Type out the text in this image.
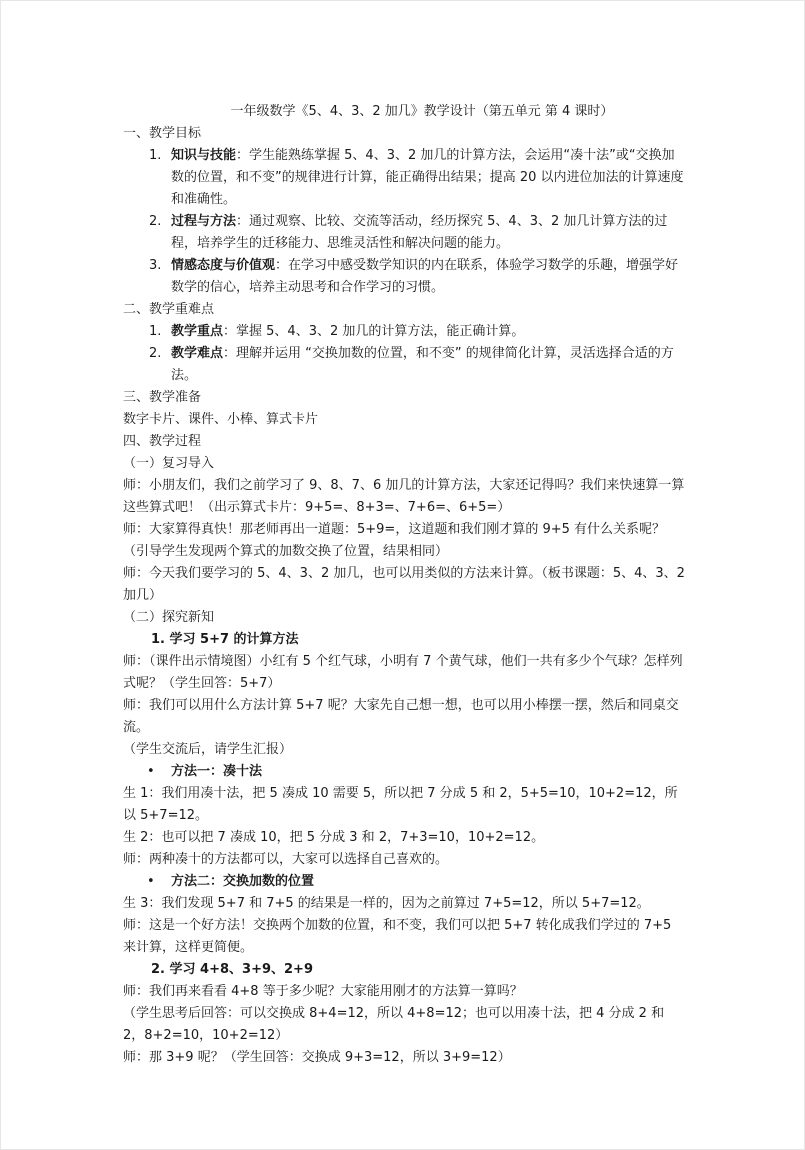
一年级数学《5、4、3、2 加几》教学设计（第五单元 第 4 课时）
一、教学目标
1. 知识与技能：学生能熟练掌握 5、4、3、2 加几的计算方法，会运用“凑十法”或“交换加数的位置，和不变”的规律进行计算，能正确得出结果；提高 20 以内进位加法的计算速度和准确性。
2. 过程与方法：通过观察、比较、交流等活动，经历探究 5、4、3、2 加几计算方法的过程，培养学生的迁移能力、思维灵活性和解决问题的能力。
3. 情感态度与价值观：在学习中感受数学知识的内在联系，体验学习数学的乐趣，增强学好数学的信心，培养主动思考和合作学习的习惯。
二、教学重难点
1. 教学重点：掌握 5、4、3、2 加几的计算方法，能正确计算。
2. 教学难点：理解并运用 “交换加数的位置，和不变” 的规律简化计算，灵活选择合适的方法。
三、教学准备
数字卡片、课件、小棒、算式卡片
四、教学过程
（一）复习导入
师：小朋友们，我们之前学习了 9、8、7、6 加几的计算方法，大家还记得吗？我们来快速算一算这些算式吧！（出示算式卡片：9+5=、8+3=、7+6=、6+5=）
师：大家算得真快！那老师再出一道题：5+9=，这道题和我们刚才算的 9+5 有什么关系呢？（引导学生发现两个算式的加数交换了位置，结果相同）
师：今天我们要学习的 5、4、3、2 加几，也可以用类似的方法来计算。（板书课题：5、4、3、2 加几）
（二）探究新知
1. 学习 5+7 的计算方法
师：（课件出示情境图）小红有 5 个红气球，小明有 7 个黄气球，他们一共有多少个气球？怎样列式呢？（学生回答：5+7）
师：我们可以用什么方法计算 5+7 呢？大家先自己想一想，也可以用小棒摆一摆，然后和同桌交流。
（学生交流后，请学生汇报）
• 方法一：凑十法
生 1：我们用凑十法，把 5 凑成 10 需要 5，所以把 7 分成 5 和 2，5+5=10，10+2=12，所以 5+7=12。
生 2：也可以把 7 凑成 10，把 5 分成 3 和 2，7+3=10，10+2=12。
师：两种凑十的方法都可以，大家可以选择自己喜欢的。
• 方法二：交换加数的位置
生 3：我们发现 5+7 和 7+5 的结果是一样的，因为之前算过 7+5=12，所以 5+7=12。
师：这是一个好方法！交换两个加数的位置，和不变，我们可以把 5+7 转化成我们学过的 7+5 来计算，这样更简便。
2. 学习 4+8、3+9、2+9
师：我们再来看看 4+8 等于多少呢？大家能用刚才的方法算一算吗？
（学生思考后回答：可以交换成 8+4=12，所以 4+8=12；也可以用凑十法，把 4 分成 2 和 2，8+2=10，10+2=12）
师：那 3+9 呢？（学生回答：交换成 9+3=12，所以 3+9=12）
